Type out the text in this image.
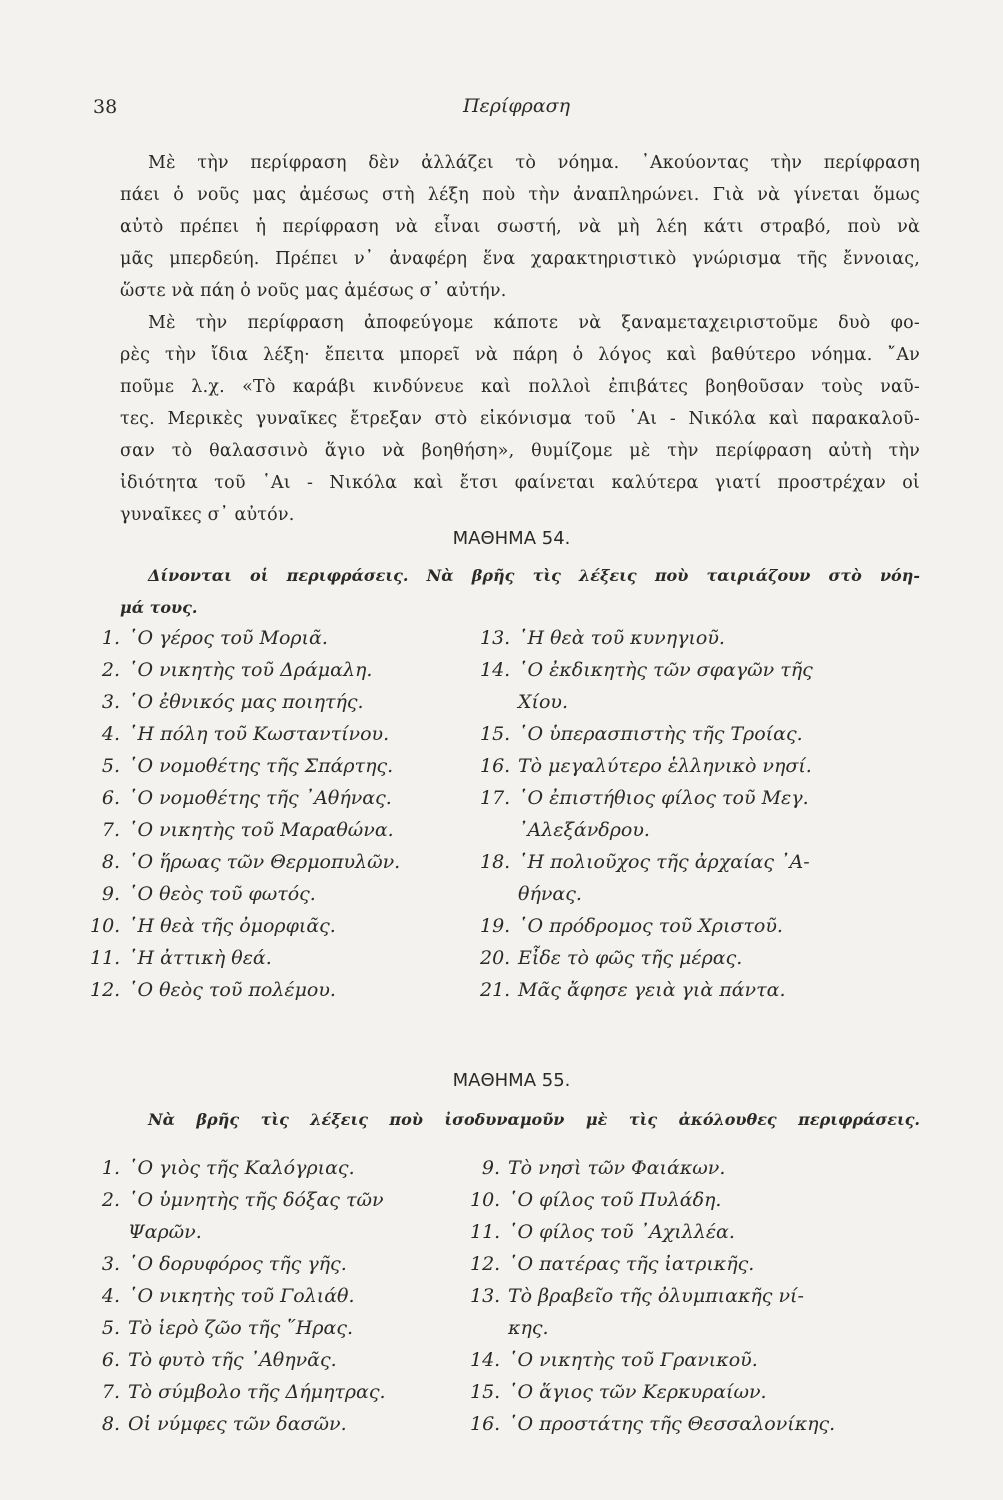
38	Περίφραση
Μὲ τὴν περίφραση δὲν ἀλλάζει τὸ νόημα. ᾿Ακούοντας τὴν περίφραση
πάει ὁ νοῦς μας ἀμέσως στὴ λέξη ποὺ τὴν ἀναπληρώνει. Γιὰ νὰ γίνεται ὅμως
αὐτὸ πρέπει ἡ περίφραση νὰ εἶναι σωστή, νὰ μὴ λέη κάτι στραβό, ποὺ νὰ
μᾶς μπερδεύη. Πρέπει ν᾿ ἀναφέρη ἕνα χαρακτηριστικὸ γνώρισμα τῆς ἔννοιας,
ὥστε νὰ πάη ὁ νοῦς μας ἀμέσως σ᾿ αὐτήν.
Μὲ τὴν περίφραση ἀποφεύγομε κάποτε νὰ ξαναμεταχειριστοῦμε δυὸ φο-
ρὲς τὴν ἴδια λέξη· ἔπειτα μπορεῖ νὰ πάρη ὁ λόγος καὶ βαθύτερο νόημα. ῎Αν
ποῦμε λ.χ. «Τὸ καράβι κινδύνευε καὶ πολλοὶ ἐπιβάτες βοηθοῦσαν τοὺς ναῦ-
τες. Μερικὲς γυναῖκες ἔτρεξαν στὸ εἰκόνισμα τοῦ ῾Αι - Νικόλα καὶ παρακαλοῦ-
σαν τὸ θαλασσινὸ ἅγιο νὰ βοηθήση», θυμίζομε μὲ τὴν περίφραση αὐτὴ τὴν
ἰδιότητα τοῦ ῾Αι - Νικόλα καὶ ἔτσι φαίνεται καλύτερα γιατί προστρέχαν οἱ
γυναῖκες σ᾿ αὐτόν.
ΜΑΘΗΜΑ 54.
Δίνονται οἱ περιφράσεις. Νὰ βρῆς τὶς λέξεις ποὺ ταιριάζουν στὸ νόη-
μά τους.
1. ῾Ο γέρος τοῦ Μοριᾶ.
2. ῾Ο νικητὴς τοῦ Δράμαλη.
3. ῾Ο ἐθνικός μας ποιητής.
4. ῾Η πόλη τοῦ Κωσταντίνου.
5. ῾Ο νομοθέτης τῆς Σπάρτης.
6. ῾Ο νομοθέτης τῆς ᾿Αθήνας.
7. ῾Ο νικητὴς τοῦ Μαραθώνα.
8. ῾Ο ἥρωας τῶν Θερμοπυλῶν.
9. ῾Ο θεὸς τοῦ φωτός.
10. ῾Η θεὰ τῆς ὀμορφιᾶς.
11. ῾Η ἀττικὴ θεά.
12. ῾Ο θεὸς τοῦ πολέμου.
13. ῾Η θεὰ τοῦ κυνηγιοῦ.
14. ῾Ο ἐκδικητὴς τῶν σφαγῶν τῆς
Χίου.
15. ῾Ο ὑπερασπιστὴς τῆς Τροίας.
16. Τὸ μεγαλύτερο ἑλληνικὸ νησί.
17. ῾Ο ἐπιστήθιος φίλος τοῦ Μεγ.
᾿Αλεξάνδρου.
18. ῾Η πολιοῦχος τῆς ἀρχαίας ᾿Α-
θήνας.
19. ῾Ο πρόδρομος τοῦ Χριστοῦ.
20. Εἶδε τὸ φῶς τῆς μέρας.
21. Μᾶς ἄφησε γειὰ γιὰ πάντα.
ΜΑΘΗΜΑ 55.
Νὰ βρῆς τὶς λέξεις ποὺ ἰσοδυναμοῦν μὲ τὶς ἀκόλουθες περιφράσεις.
1. ῾Ο γιὸς τῆς Καλόγριας.
2. ῾Ο ὑμνητὴς τῆς δόξας τῶν
Ψαρῶν.
3. ῾Ο δορυφόρος τῆς γῆς.
4. ῾Ο νικητὴς τοῦ Γολιάθ.
5. Τὸ ἱερὸ ζῶο τῆς ῞Ηρας.
6. Τὸ φυτὸ τῆς ᾿Αθηνᾶς.
7. Τὸ σύμβολο τῆς Δήμητρας.
8. Οἱ νύμφες τῶν δασῶν.
9. Τὸ νησὶ τῶν Φαιάκων.
10. ῾Ο φίλος τοῦ Πυλάδη.
11. ῾Ο φίλος τοῦ ᾿Αχιλλέα.
12. ῾Ο πατέρας τῆς ἰατρικῆς.
13. Τὸ βραβεῖο τῆς ὀλυμπιακῆς νί-
κης.
14. ῾Ο νικητὴς τοῦ Γρανικοῦ.
15. ῾Ο ἅγιος τῶν Κερκυραίων.
16. ῾Ο προστάτης τῆς Θεσσαλονίκης.
